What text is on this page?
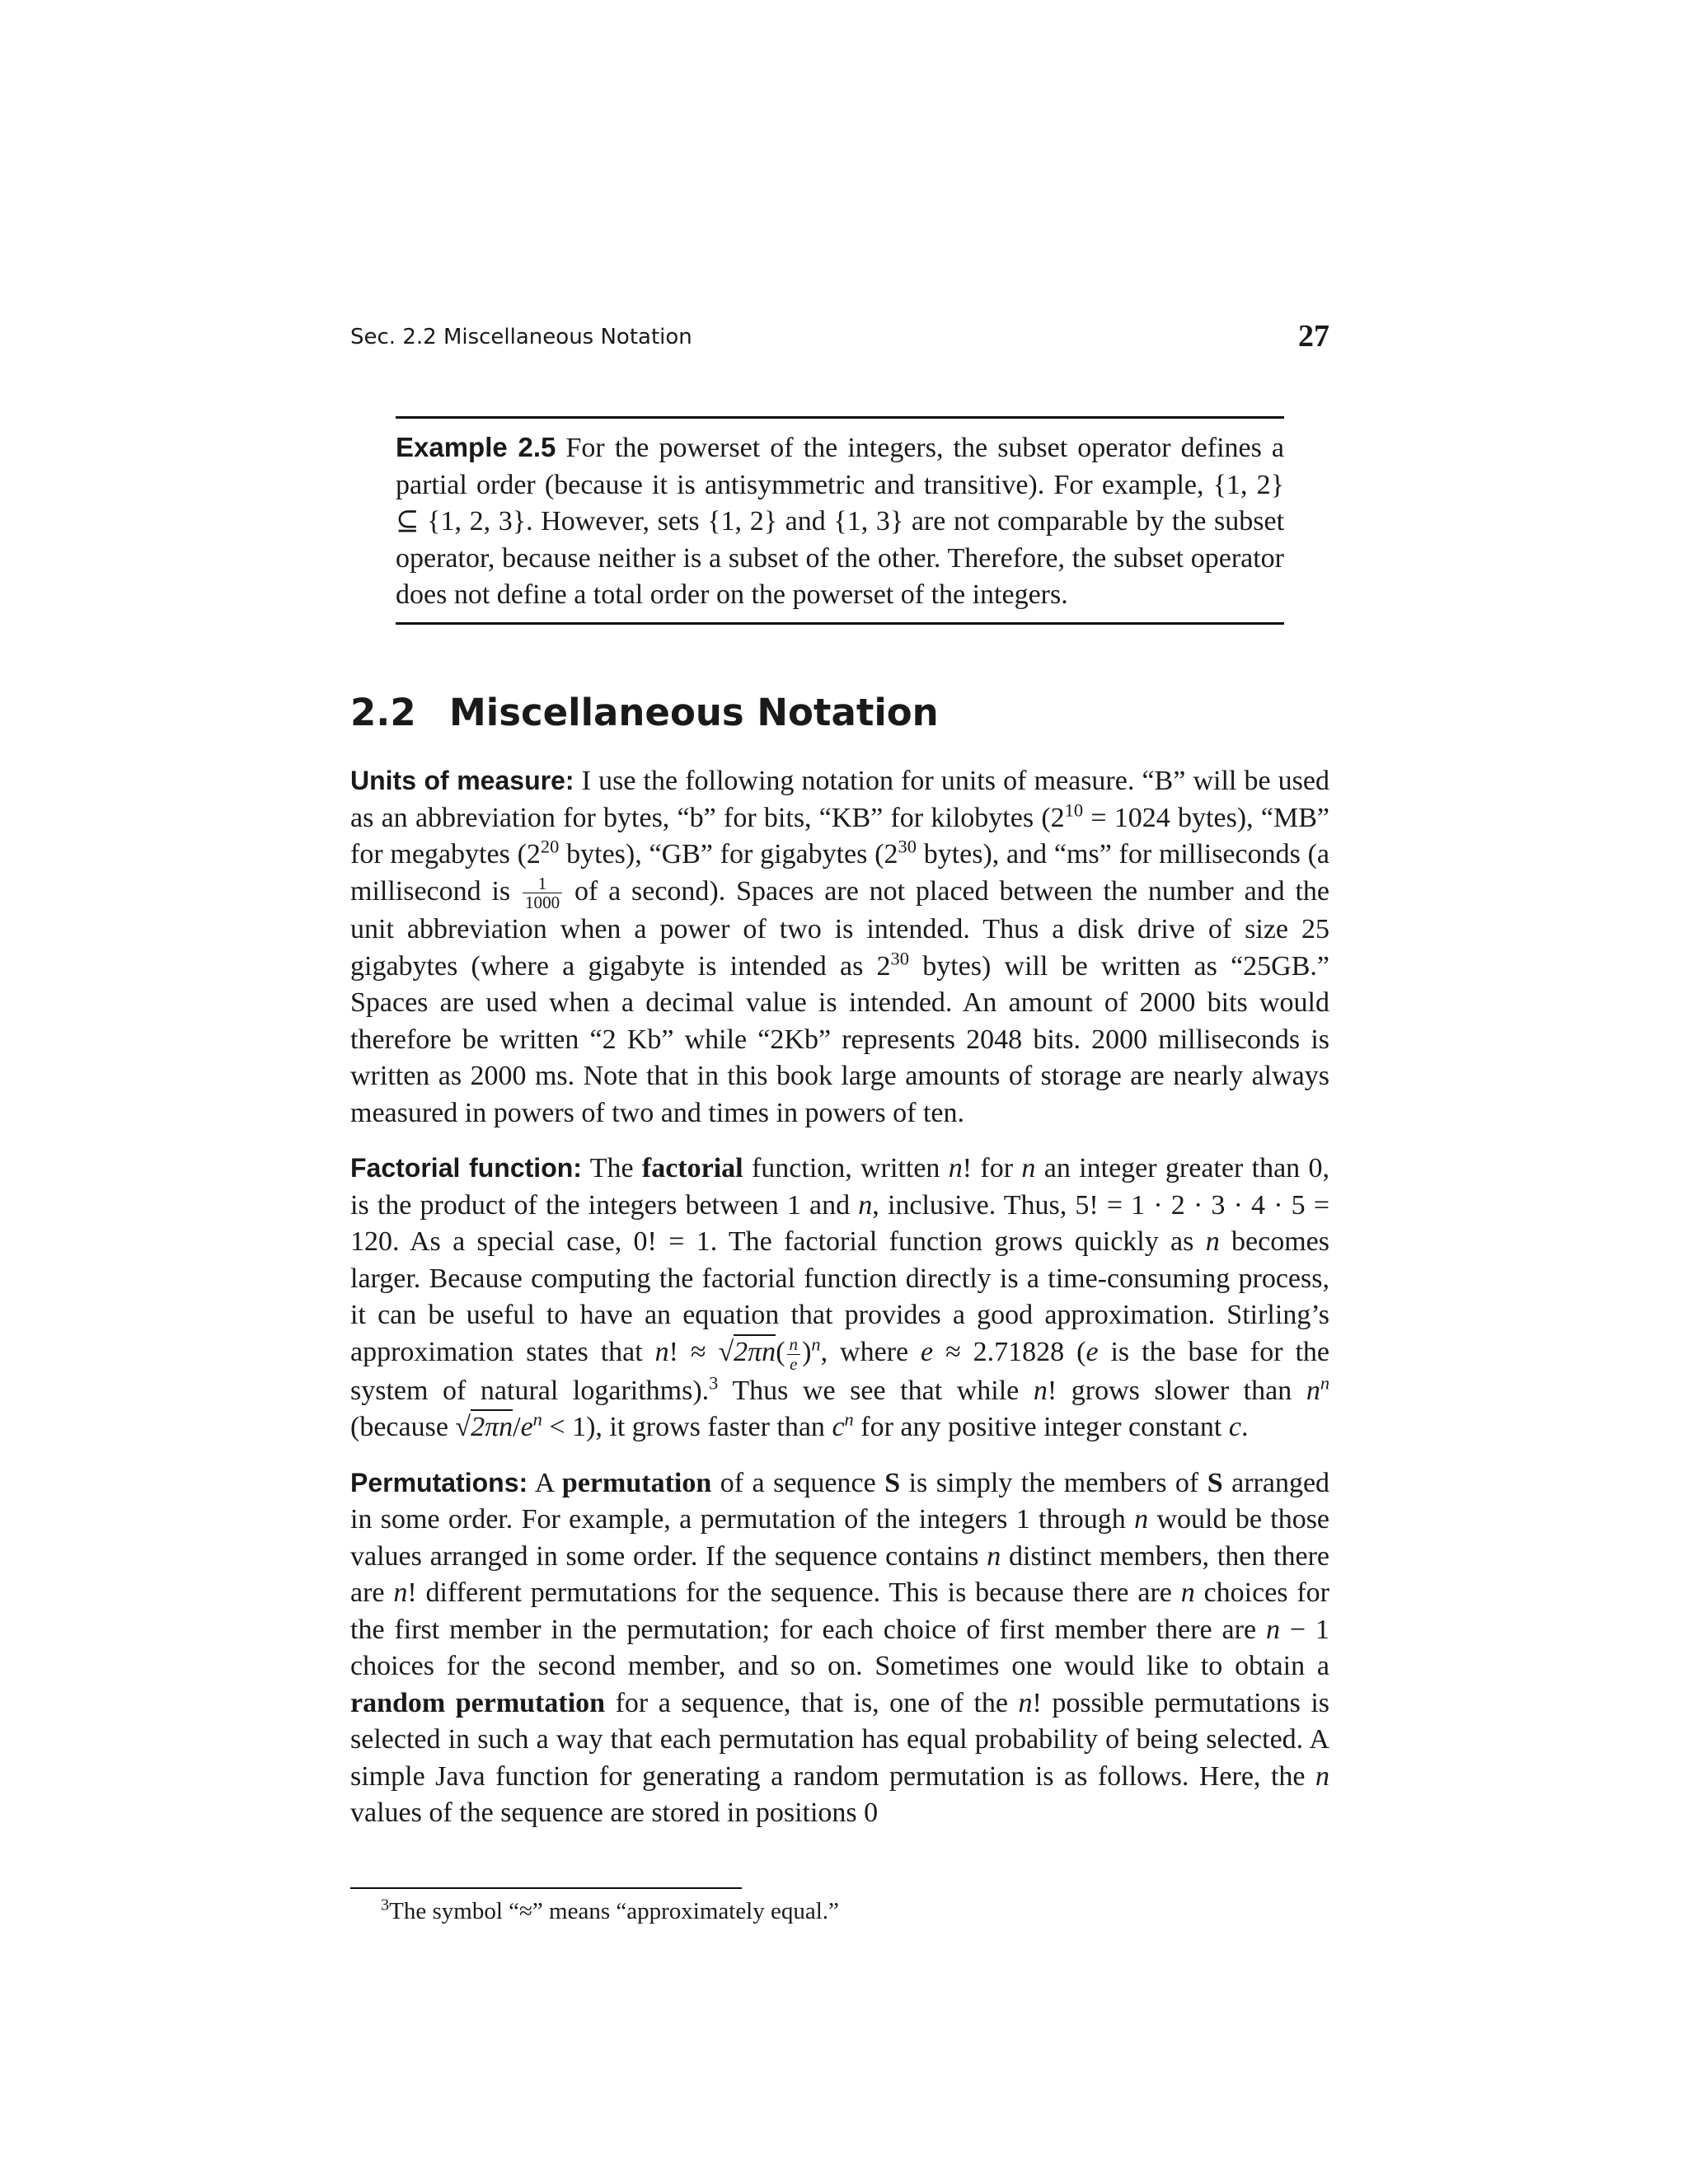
Sec. 2.2 Miscellaneous Notation	27
Example 2.5 For the powerset of the integers, the subset operator defines a partial order (because it is antisymmetric and transitive). For example, {1, 2} ⊆ {1, 2, 3}. However, sets {1, 2} and {1, 3} are not comparable by the subset operator, because neither is a subset of the other. Therefore, the subset operator does not define a total order on the powerset of the integers.
2.2 Miscellaneous Notation

Units of measure: I use the following notation for units of measure. “B” will be used as an abbreviation for bytes, “b” for bits, “KB” for kilobytes ($2^{10} = 1024$ bytes), “MB” for megabytes ($2^{20}$ bytes), “GB” for gigabytes ($2^{30}$ bytes), and “ms” for milliseconds (a millisecond is $\frac{1}{1000}$ of a second). Spaces are not placed between the number and the unit abbreviation when a power of two is intended. Thus a disk drive of size 25 gigabytes (where a gigabyte is intended as $2^{30}$ bytes) will be written as “25GB.” Spaces are used when a decimal value is intended. An amount of 2000 bits would therefore be written “2 Kb” while “2Kb” represents 2048 bits. 2000 milliseconds is written as 2000 ms. Note that in this book large amounts of storage are nearly always measured in powers of two and times in powers of ten.

Factorial function: The factorial function, written n! for n an integer greater than 0, is the product of the integers between 1 and n, inclusive. Thus, 5! = 1 · 2 · 3 · 4 · 5 = 120. As a special case, 0! = 1. The factorial function grows quickly as n becomes larger. Because computing the factorial function directly is a time-consuming process, it can be useful to have an equation that provides a good approximation. Stirling’s approximation states that n! ≈ $√2\pi n( \frac{n}{e} )^n$, where e ≈ 2.71828 (e is the base for the system of natural logarithms).$^3$ Thus we see that while n! grows slower than $n^n$ (because $√2\pi n/e^n < 1$), it grows faster than $c^n$ for any positive integer constant c.

Permutations: A permutation of a sequence S is simply the members of S arranged in some order. For example, a permutation of the integers 1 through n would be those values arranged in some order. If the sequence contains n distinct members, then there are n! different permutations for the sequence. This is because there are n choices for the first member in the permutation; for each choice of first member there are n − 1 choices for the second member, and so on. Sometimes one would like to obtain a random permutation for a sequence, that is, one of the n! possible permutations is selected in such a way that each permutation has equal probability of being selected. A simple Java function for generating a random permutation is as follows. Here, the n values of the sequence are stored in positions 0

$^3$The symbol “≈” means “approximately equal.”
